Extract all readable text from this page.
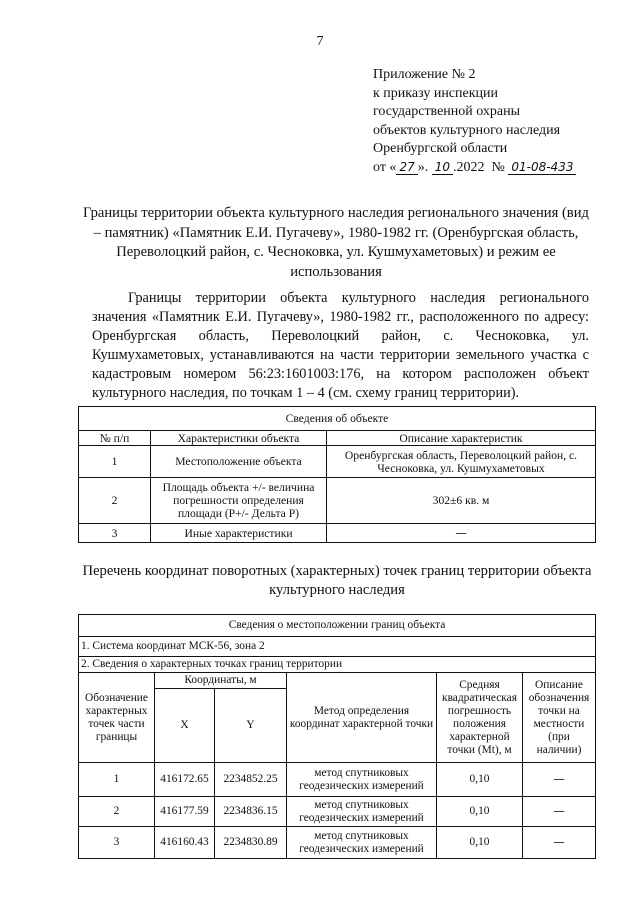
7
Приложение № 2
к приказу инспекции
государственной охраны
объектов культурного наследия
Оренбургской области
от « 27 ». 10 .2022 № 01-08-433
Границы территории объекта культурного наследия регионального значения (вид – памятник) «Памятник Е.И. Пугачеву», 1980-1982 гг. (Оренбургская область, Переволоцкий район, с. Чесноковка, ул. Кушмухаметовых) и режим ее использования
Границы территории объекта культурного наследия регионального значения «Памятник Е.И. Пугачеву», 1980-1982 гг., расположенного по адресу: Оренбургская область, Переволоцкий район, с. Чесноковка, ул. Кушмухаметовых, устанавливаются на части территории земельного участка с кадастровым номером 56:23:1601003:176, на котором расположен объект культурного наследия, по точкам 1 – 4 (см. схему границ территории).
Сведения об объекте		
№ п/п	Характеристики объекта	Описание характеристик
1	Местоположение объекта	Оренбургская область, Переволоцкий район, с. Чесноковка, ул. Кушмухаметовых
2	Площадь объекта +/- величина погрешности определения площади (Р+/- Дельта Р)	302±6 кв. м
3	Иные характеристики	—
Перечень координат поворотных (характерных) точек границ территории объекта культурного наследия
Сведения о местоположении границ объекта					
1. Система координат МСК-56, зона 2					
2. Сведения о характерных точках границ территории					
Обозначение характерных точек части границы	Координаты, м		Метод определения координат характерной точки	Средняя квадратическая погрешность положения характерной точки (Mt), м	Описание обозначения точки на местности (при наличии)
	X	Y			
1	416172.65	2234852.25	метод спутниковых геодезических измерений	0,10	—
2	416177.59	2234836.15	метод спутниковых геодезических измерений	0,10	—
3	416160.43	2234830.89	метод спутниковых геодезических измерений	0,10	—
